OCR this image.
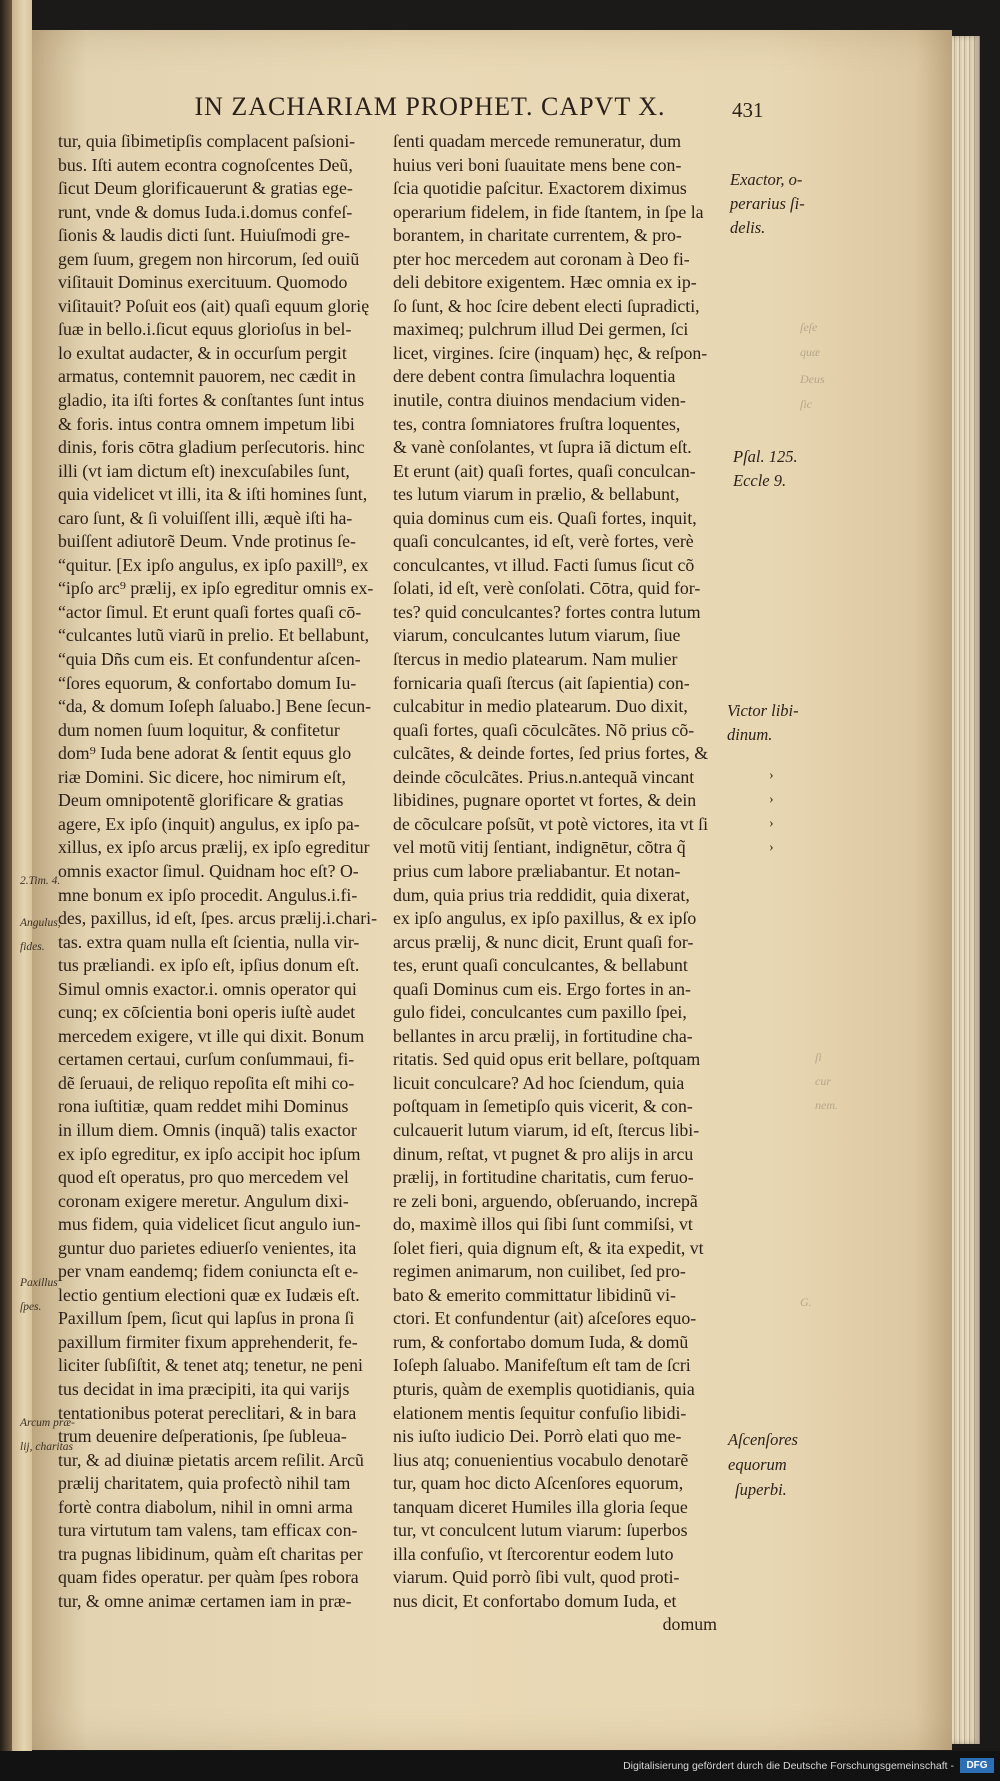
IN ZACHARIAM PROPHET. CAPVT X.	431
tur, quia ſibimetipſis complacent paſsioni-
bus. Iſti autem econtra cognoſcentes Deũ,
ſicut Deum glorificauerunt & gratias ege-
runt, vnde & domus Iuda.i.domus confeſ-
ſionis & laudis dicti ſunt. Huiuſmodi gre-
gem ſuum, gregem non hircorum, ſed ouiũ
viſitauit Dominus exercituum. Quomodo
viſitauit? Poſuit eos (ait) quaſi equum glorię
ſuæ in bello.i.ſicut equus glorioſus in bel-
lo exultat audacter, & in occurſum pergit
armatus, contemnit pauorem, nec cædit in
gladio, ita iſti fortes & conſtantes ſunt intus
& foris. intus contra omnem impetum libi
dinis, foris cōtra gladium perſecutoris. hinc
illi (vt iam dictum eſt) inexcuſabiles ſunt,
quia videlicet vt illi, ita & iſti homines ſunt,
caro ſunt, & ſi voluiſſent illi, æquè iſti ha-
buiſſent adiutorẽ Deum. Vnde protinus ſe-
“quitur. [Ex ipſo angulus, ex ipſo paxill⁹, ex
“ipſo arc⁹ prælij, ex ipſo egreditur omnis ex-
“actor ſimul. Et erunt quaſi fortes quaſi cō-
“culcantes lutũ viarũ in prelio. Et bellabunt,
“quia Dñs cum eis. Et confundentur aſcen-
“ſores equorum, & confortabo domum Iu-
“da, & domum Ioſeph ſaluabo.] Bene ſecun-
dum nomen ſuum loquitur, & confitetur
dom⁹ Iuda bene adorat & ſentit equus glo
riæ Domini. Sic dicere, hoc nimirum eſt,
Deum omnipotentẽ glorificare & gratias
agere, Ex ipſo (inquit) angulus, ex ipſo pa-
xillus, ex ipſo arcus prælij, ex ipſo egreditur
omnis exactor ſimul. Quidnam hoc eſt? O-
mne bonum ex ipſo procedit. Angulus.i.fi-
des, paxillus, id eſt, ſpes. arcus prælij.i.chari-
tas. extra quam nulla eſt ſcientia, nulla vir-
tus præliandi. ex ipſo eſt, ipſius donum eſt.
Simul omnis exactor.i. omnis operator qui
cunq; ex cōſcientia boni operis iuſtè audet
mercedem exigere, vt ille qui dixit. Bonum
certamen certaui, curſum conſummaui, fi-
dẽ ſeruaui, de reliquo repoſita eſt mihi co-
rona iuſtitiæ, quam reddet mihi Dominus
in illum diem. Omnis (inquã) talis exactor
ex ipſo egreditur, ex ipſo accipit hoc ipſum
quod eſt operatus, pro quo mercedem vel
coronam exigere meretur. Angulum dixi-
mus fidem, quia videlicet ſicut angulo iun-
guntur duo parietes ediuerſo venientes, ita
per vnam eandemq; fidem coniuncta eſt e-
lectio gentium electioni quæ ex Iudæis eſt.
Paxillum ſpem, ſicut qui lapſus in prona ſi
paxillum firmiter fixum apprehenderit, fe-
liciter ſubſiſtit, & tenet atq; tenetur, ne peni
tus decidat in ima præcipiti, ita qui varijs
tentationibus poterat perecliṫari, & in bara
trum deuenire deſperationis, ſpe ſubleua-
tur, & ad diuinæ pietatis arcem reſilit. Arcũ
prælij charitatem, quia profectò nihil tam
fortè contra diabolum, nihil in omni arma
tura virtutum tam valens, tam efficax con-
tra pugnas libidinum, quàm eſt charitas per
quam fides operatur. per quàm ſpes robora
tur, & omne animæ certamen iam in præ-
ſenti quadam mercede remuneratur, dum
huius veri boni ſuauitate mens bene con-
ſcia quotidie paſcitur. Exactorem diximus
operarium fidelem, in fide ſtantem, in ſpe la
borantem, in charitate currentem, & pro-
pter hoc mercedem aut coronam à Deo fi-
deli debitore exigentem. Hæc omnia ex ip-
ſo ſunt, & hoc ſcire debent electi ſupradicti,
maximeq; pulchrum illud Dei germen, ſci
licet, virgines. ſcire (inquam) hęc, & reſpon-
dere debent contra ſimulachra loquentia
inutile, contra diuinos mendacium viden-
tes, contra ſomniatores fruſtra loquentes,
& vanè conſolantes, vt ſupra iã dictum eſt.
Et erunt (ait) quaſi fortes, quaſi conculcan-
tes lutum viarum in prælio, & bellabunt,
quia dominus cum eis. Quaſi fortes, inquit,
quaſi conculcantes, id eſt, verè fortes, verè
conculcantes, vt illud. Facti ſumus ſicut cõ
ſolati, id eſt, verè conſolati. Cōtra, quid for-
tes? quid conculcantes? fortes contra lutum
viarum, conculcantes lutum viarum, ſiue
ſtercus in medio platearum. Nam mulier
fornicaria quaſi ſtercus (ait ſapientia) con-
culcabitur in medio platearum. Duo dixit,
quaſi fortes, quaſi cōculcãtes. Nõ prius cõ-
culcãtes, & deinde fortes, ſed prius fortes, &
deinde cõculcãtes. Prius.n.antequã vincant
libidines, pugnare oportet vt fortes, & dein
de cõculcare poſsũt, vt potè victores, ita vt ſi
vel motũ vitij ſentiant, indignētur, cõtra q̃
prius cum labore præliabantur. Et notan-
dum, quia prius tria reddidit, quia dixerat,
ex ipſo angulus, ex ipſo paxillus, & ex ipſo
arcus prælij, & nunc dicit, Erunt quaſi for-
tes, erunt quaſi conculcantes, & bellabunt
quaſi Dominus cum eis. Ergo fortes in an-
gulo fidei, conculcantes cum paxillo ſpei,
bellantes in arcu prælij, in fortitudine cha-
ritatis. Sed quid opus erit bellare, poſtquam
licuit conculcare? Ad hoc ſciendum, quia
poſtquam in ſemetipſo quis vicerit, & con-
culcauerit lutum viarum, id eſt, ſtercus libi-
dinum, reſtat, vt pugnet & pro alijs in arcu
prælij, in fortitudine charitatis, cum feruo-
re zeli boni, arguendo, obſeruando, increpã
do, maximè illos qui ſibi ſunt commiſsi, vt
ſolet fieri, quia dignum eſt, & ita expedit, vt
regimen animarum, non cuilibet, ſed pro-
bato & emerito committatur libidinũ vi-
ctori. Et confundentur (ait) aſceſores equo-
rum, & confortabo domum Iuda, & domũ
Ioſeph ſaluabo. Manifeſtum eſt tam de ſcri
pturis, quàm de exemplis quotidianis, quia
elationem mentis ſequitur confuſio libidi-
nis iuſto iudicio Dei. Porrò elati quo me-
lius atq; conuenientius vocabulo denotarẽ
tur, quam hoc dicto Aſcenſores equorum,
tanquam diceret Humiles illa gloria ſeque
tur, vt conculcent lutum viarum: ſuperbos
illa confuſio, vt ſtercorentur eodem luto
viarum. Quid porrò ſibi vult, quod proti-
nus dicit, Et confortabo domum Iuda, et
domum
Exactor, o-
perarius ſi-
delis.
Pſal. 125.
Eccle 9.
Victor libi-
dinum.
Aſcenſores
equorum
ſuperbi.
ſeſe
quæ
Deus
ſic
ſi
cur
nem.
G.
2.Tim. 4.
Angulus,
fides.
Paxillus
ſpes.
Arcum præ-
lij, charitas
›
›
›
›
Digitalisierung gefördert durch die Deutsche Forschungsgemeinschaft -	DFG
